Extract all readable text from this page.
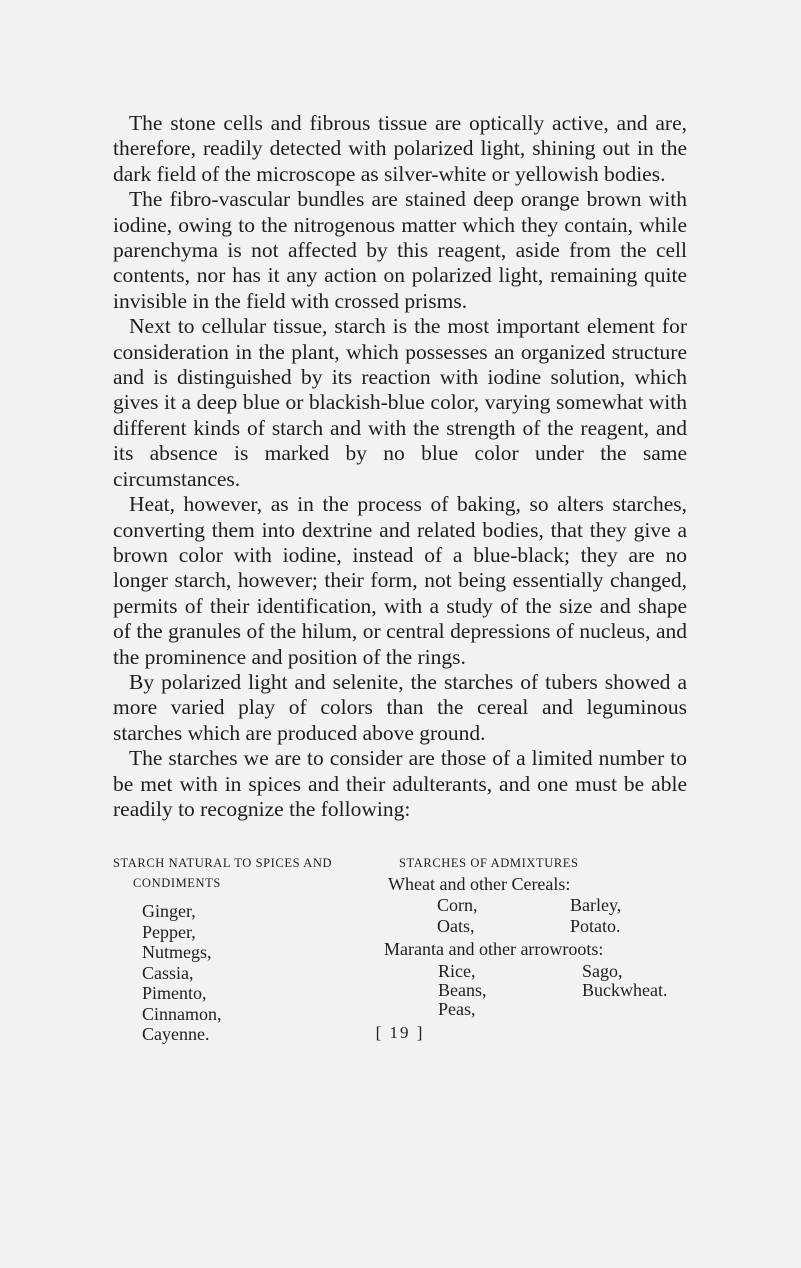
The stone cells and fibrous tissue are optically active, and are, therefore, readily detected with polarized light, shining out in the dark field of the microscope as silver-white or yellowish bodies.

The fibro-vascular bundles are stained deep orange brown with iodine, owing to the nitrogenous matter which they contain, while parenchyma is not affected by this reagent, aside from the cell contents, nor has it any action on polarized light, remaining quite invisible in the field with crossed prisms.

Next to cellular tissue, starch is the most important element for consideration in the plant, which possesses an organized structure and is distinguished by its reaction with iodine solution, which gives it a deep blue or blackish-blue color, varying somewhat with different kinds of starch and with the strength of the reagent, and its absence is marked by no blue color under the same circumstances.

Heat, however, as in the process of baking, so alters starches, converting them into dextrine and related bodies, that they give a brown color with iodine, instead of a blue-black; they are no longer starch, however; their form, not being essentially changed, permits of their identification, with a study of the size and shape of the granules of the hilum, or central depressions of nucleus, and the prominence and position of the rings.

By polarized light and selenite, the starches of tubers showed a more varied play of colors than the cereal and leguminous starches which are produced above ground.

The starches we are to consider are those of a limited number to be met with in spices and their adulterants, and one must be able readily to recognize the following:

STARCH NATURAL TO SPICES AND
CONDIMENTS
Ginger,
Pepper,
Nutmegs,
Cassia,
Pimento,
Cinnamon,
Cayenne.
STARCHES OF ADMIXTURES
Wheat and other Cereals:
Corn,	Barley,
Oats,	Potato.
Maranta and other arrowroots:
Rice,	Sago,
Beans,	Buckwheat.
Peas,
[ 19 ]
